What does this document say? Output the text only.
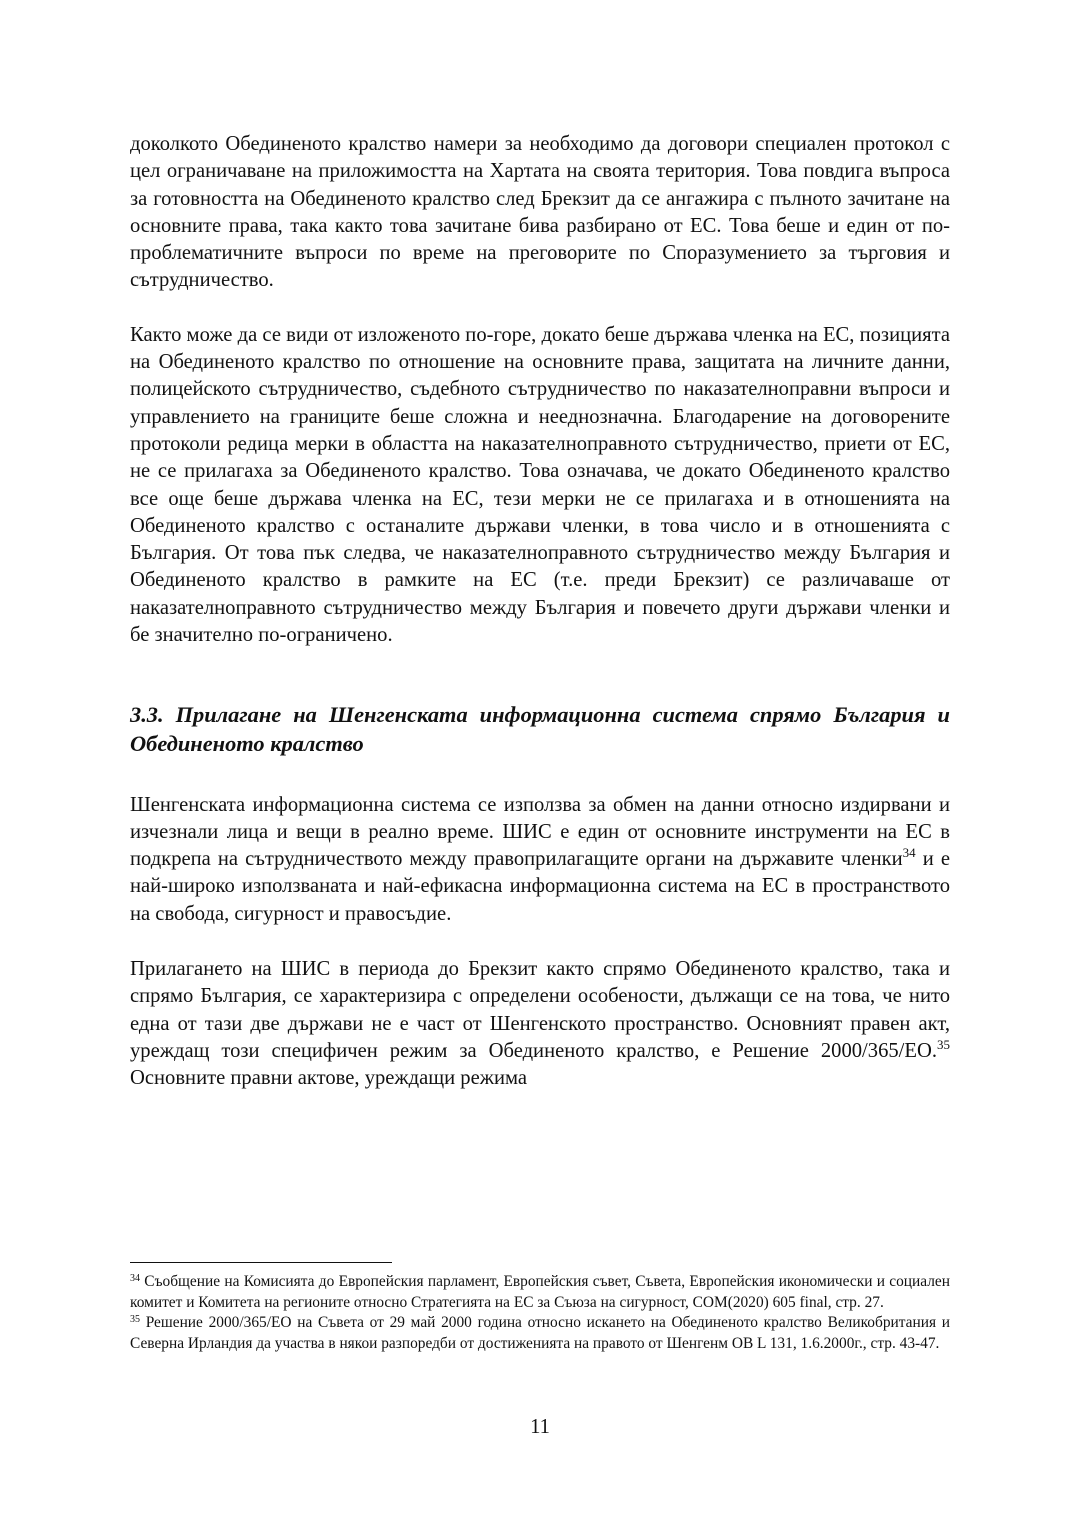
доколкото Обединеното кралство намери за необходимо да договори специален протокол с цел ограничаване на приложимостта на Хартата на своята територия. Това повдига въпроса за готовността на Обединеното кралство след Брекзит да се ангажира с пълното зачитане на основните права, така както това зачитане бива разбирано от ЕС. Това беше и един от по-проблематичните въпроси по време на преговорите по Споразумението за търговия и сътрудничество.

Както може да се види от изложеното по-горе, докато беше държава членка на ЕС, позицията на Обединеното кралство по отношение на основните права, защитата на личните данни, полицейското сътрудничество, съдебното сътрудничество по наказателноправни въпроси и управлението на границите беше сложна и нееднозначна. Благодарение на договорените протоколи редица мерки в областта на наказателноправното сътрудничество, приети от ЕС, не се прилагаха за Обединеното кралство. Това означава, че докато Обединеното кралство все още беше държава членка на ЕС, тези мерки не се прилагаха и в отношенията на Обединеното кралство с останалите държави членки, в това число и в отношенията с България. От това пък следва, че наказателноправното сътрудничество между България и Обединеното кралство в рамките на ЕС (т.е. преди Брекзит) се различаваше от наказателноправното сътрудничество между България и повечето други държави членки и бе значително по-ограничено.

3.3. Прилагане на Шенгенската информационна система спрямо България и Обединеното кралство

Шенгенската информационна система се използва за обмен на данни относно издирвани и изчезнали лица и вещи в реално време. ШИС е един от основните инструменти на ЕС в подкрепа на сътрудничеството между правоприлагащите органи на държавите членки$^{34}$ и е най-широко използваната и най-ефикасна информационна система на ЕС в пространството на свобода, сигурност и правосъдие.

Прилагането на ШИС в периода до Брекзит както спрямо Обединеното кралство, така и спрямо България, се характеризира с определени особености, дължащи се на това, че нито една от тази две държави не е част от Шенгенското пространство. Основният правен акт, уреждащ този специфичен режим за Обединеното кралство, е Решение 2000/365/ЕО.$^{35}$ Основните правни актове, уреждащи режима

$^{34}$ Съобщение на Комисията до Европейския парламент, Европейския съвет, Съвета, Европейския икономически и социален комитет и Комитета на регионите относно Стратегията на ЕС за Съюза на сигурност, COM(2020) 605 final, стр. 27.

$^{35}$ Решение 2000/365/ЕО на Съвета от 29 май 2000 година относно искането на Обединеното кралство Великобритания и Северна Ирландия да участва в някои разпоредби от достиженията на правото от Шенгенм ОВ L 131, 1.6.2000г., стр. 43-47.

11
